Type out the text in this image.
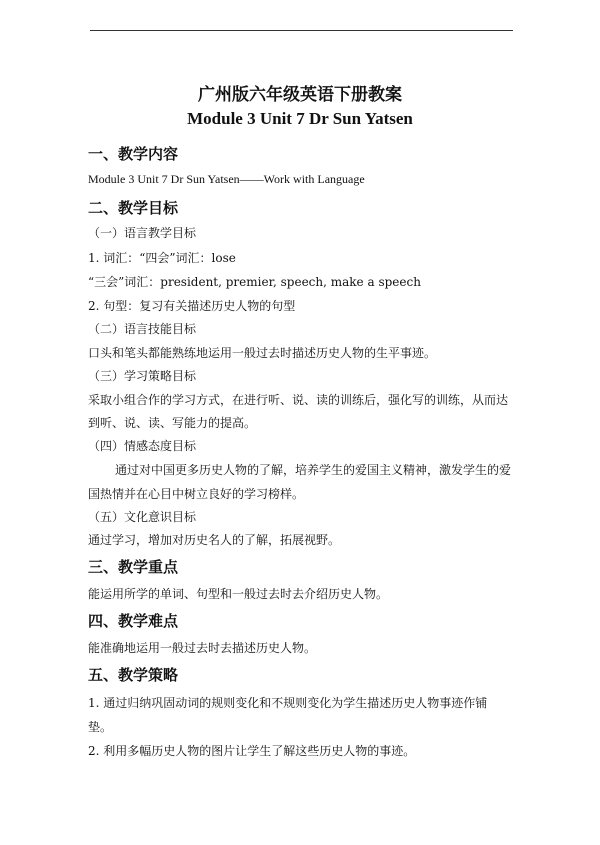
广州版六年级英语下册教案
Module 3 Unit 7 Dr Sun Yatsen
一、教学内容
Module 3 Unit 7 Dr Sun Yatsen——Work with Language
二、教学目标
（一）语言教学目标
1. 词汇：“四会”词汇：lose
“三会”词汇：president, premier, speech, make a speech
2. 句型：复习有关描述历史人物的句型
（二）语言技能目标
口头和笔头都能熟练地运用一般过去时描述历史人物的生平事迹。
（三）学习策略目标
采取小组合作的学习方式，在进行听、说、读的训练后，强化写的训练，从而达
到听、说、读、写能力的提高。
（四）情感态度目标
通过对中国更多历史人物的了解，培养学生的爱国主义精神，激发学生的爱
国热情并在心目中树立良好的学习榜样。
（五）文化意识目标
通过学习，增加对历史名人的了解，拓展视野。
三、教学重点
能运用所学的单词、句型和一般过去时去介绍历史人物。
四、教学难点
能准确地运用一般过去时去描述历史人物。
五、教学策略
1. 通过归纳巩固动词的规则变化和不规则变化为学生描述历史人物事迹作铺
垫。
2. 利用多幅历史人物的图片让学生了解这些历史人物的事迹。
